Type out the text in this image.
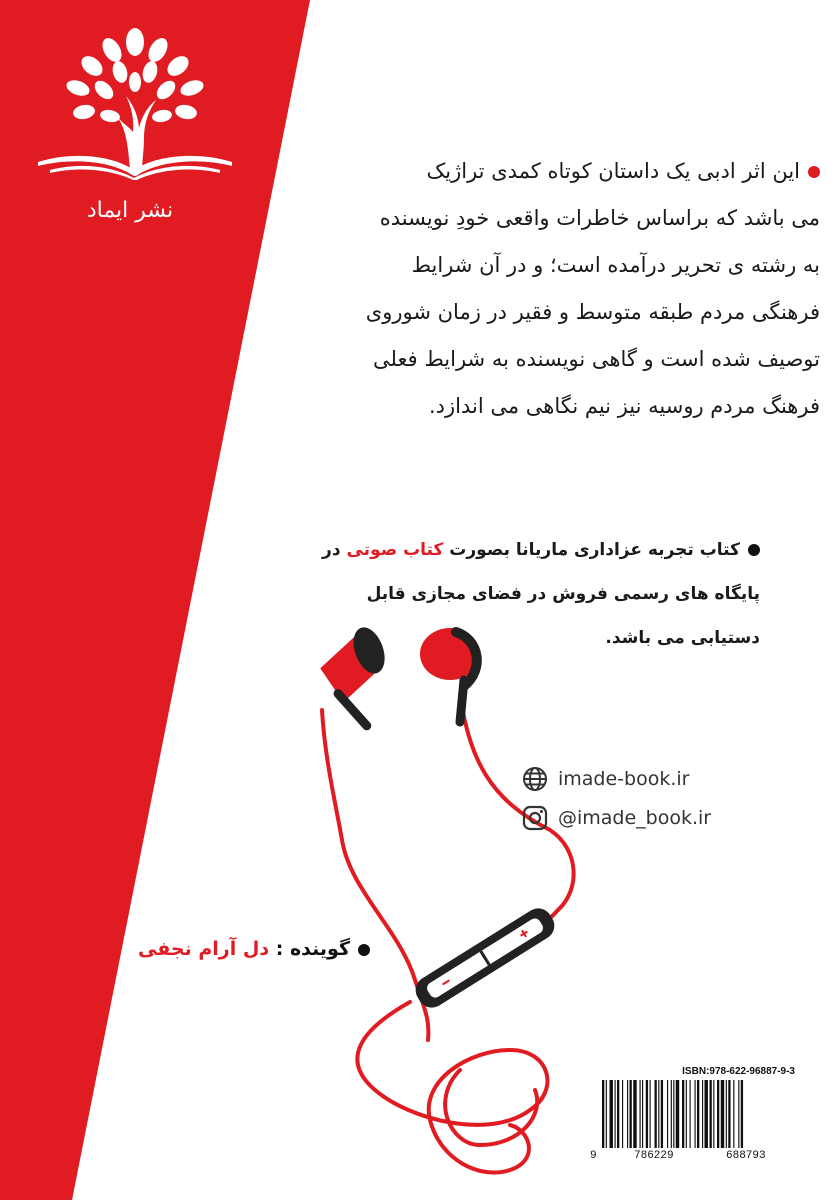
نشر ایماد
این اثر ادبی یک داستان کوتاه کمدی تراژیک
می باشد که براساس خاطرات واقعی خودِ نویسنده
به رشته ی تحریر درآمده است؛ و در آن شرایط
فرهنگی مردم طبقه متوسط و فقیر در زمان شوروی
توصیف شده است و گاهی نویسنده به شرایط فعلی
فرهنگ مردم روسیه نیز نیم نگاهی می اندازد.
کتاب تجربه عزاداری ماریانا بصورت کتاب صوتی در
پایگاه های رسمی فروش در فضای مجازی قابل
دستیابی می باشد.
imade-book.ir
@imade_book.ir
گوینده : دل آرام نجفی
ISBN:978-622-96887-9-3
9	786229	688793
